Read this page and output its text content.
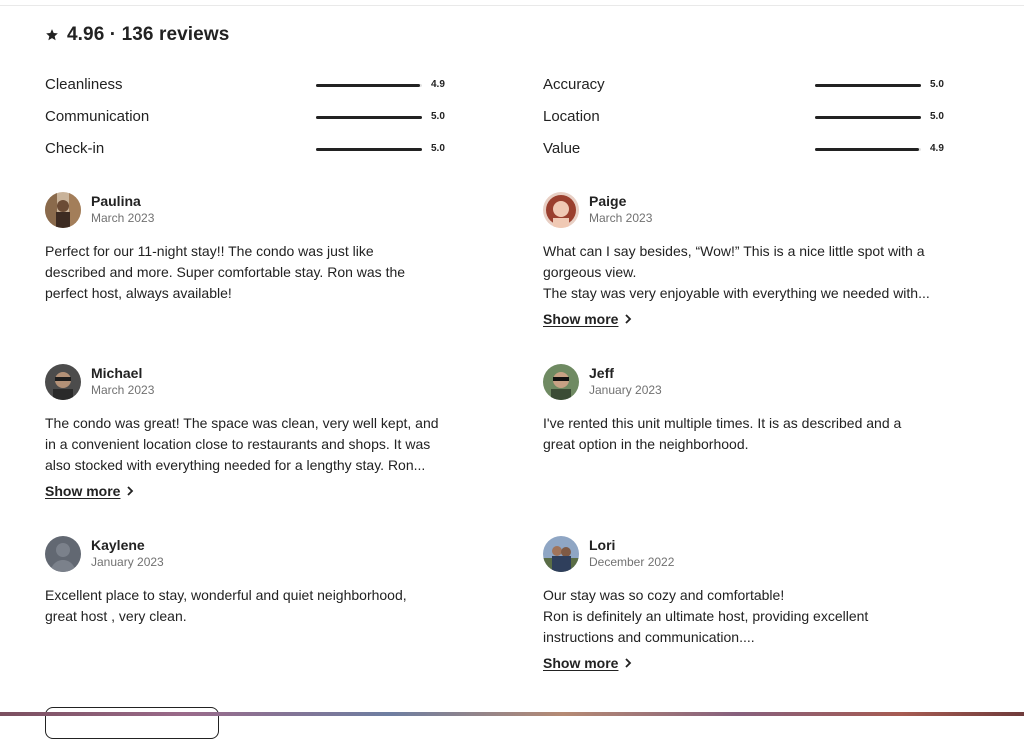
4.96 · 136 reviews
Cleanliness	4.9
Communication	5.0
Check-in	5.0
Accuracy	5.0
Location	5.0
Value	4.9
Paulina
March 2023
Perfect for our 11-night stay!! The condo was just like
described and more. Super comfortable stay. Ron was the
perfect host, always available!
Paige
March 2023
What can I say besides, “Wow!” This is a nice little spot with a
gorgeous view.
The stay was very enjoyable with everything we needed with...
Show more
Michael
March 2023
The condo was great! The space was clean, very well kept, and
in a convenient location close to restaurants and shops. It was
also stocked with everything needed for a lengthy stay. Ron...
Show more
Jeff
January 2023
I've rented this unit multiple times. It is as described and a
great option in the neighborhood.
Kaylene
January 2023
Excellent place to stay, wonderful and quiet neighborhood,
great host , very clean.
Lori
December 2022
Our stay was so cozy and comfortable!
Ron is definitely an ultimate host, providing excellent
instructions and communication....
Show more
